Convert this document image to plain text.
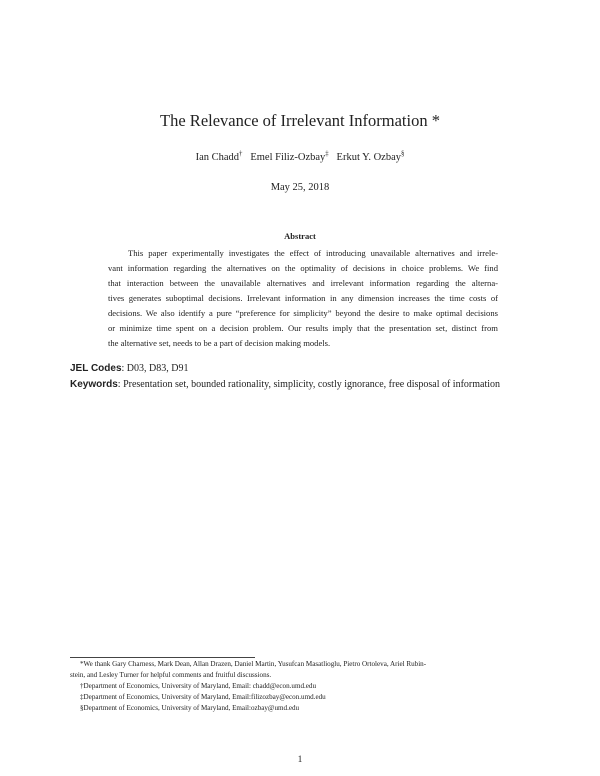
The Relevance of Irrelevant Information *
Ian Chadd† Emel Filiz-Ozbay‡ Erkut Y. Ozbay§
May 25, 2018
Abstract
This paper experimentally investigates the effect of introducing unavailable alternatives and irrele-
vant information regarding the alternatives on the optimality of decisions in choice problems. We find
that interaction between the unavailable alternatives and irrelevant information regarding the alterna-
tives generates suboptimal decisions. Irrelevant information in any dimension increases the time costs of
decisions. We also identify a pure “preference for simplicity” beyond the desire to make optimal decisions
or minimize time spent on a decision problem. Our results imply that the presentation set, distinct from
the alternative set, needs to be a part of decision making models.
JEL Codes: D03, D83, D91
Keywords: Presentation set, bounded rationality, simplicity, costly ignorance, free disposal of information
*We thank Gary Charness, Mark Dean, Allan Drazen, Daniel Martin, Yusufcan Masatlioglu, Pietro Ortoleva, Ariel Rubin-
stein, and Lesley Turner for helpful comments and fruitful discussions.
†Department of Economics, University of Maryland, Email: chadd@econ.umd.edu
‡Department of Economics, University of Maryland, Email:filizozbay@econ.umd.edu
§Department of Economics, University of Maryland, Email:ozbay@umd.edu
1
